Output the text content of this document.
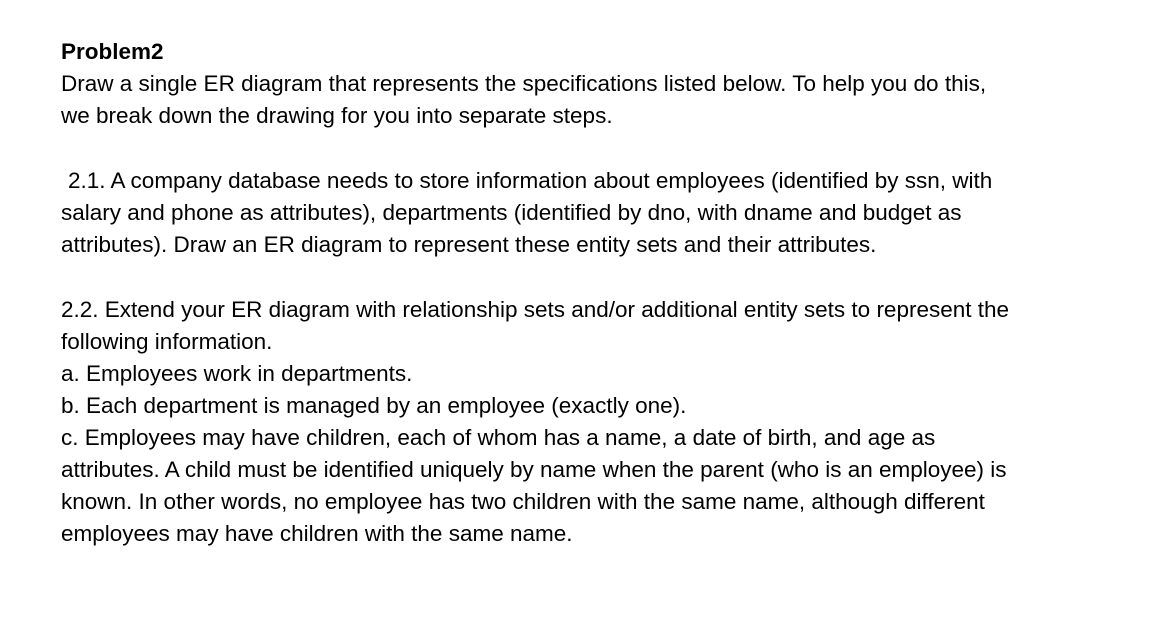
Problem2

Draw a single ER diagram that represents the specifications listed below. To help you do this,

we break down the drawing for you into separate steps.

2.1. A company database needs to store information about employees (identified by ssn, with

salary and phone as attributes), departments (identified by dno, with dname and budget as

attributes). Draw an ER diagram to represent these entity sets and their attributes.

2.2. Extend your ER diagram with relationship sets and/or additional entity sets to represent the

following information.

a. Employees work in departments.

b. Each department is managed by an employee (exactly one).

c. Employees may have children, each of whom has a name, a date of birth, and age as

attributes. A child must be identified uniquely by name when the parent (who is an employee) is

known. In other words, no employee has two children with the same name, although different

employees may have children with the same name.
